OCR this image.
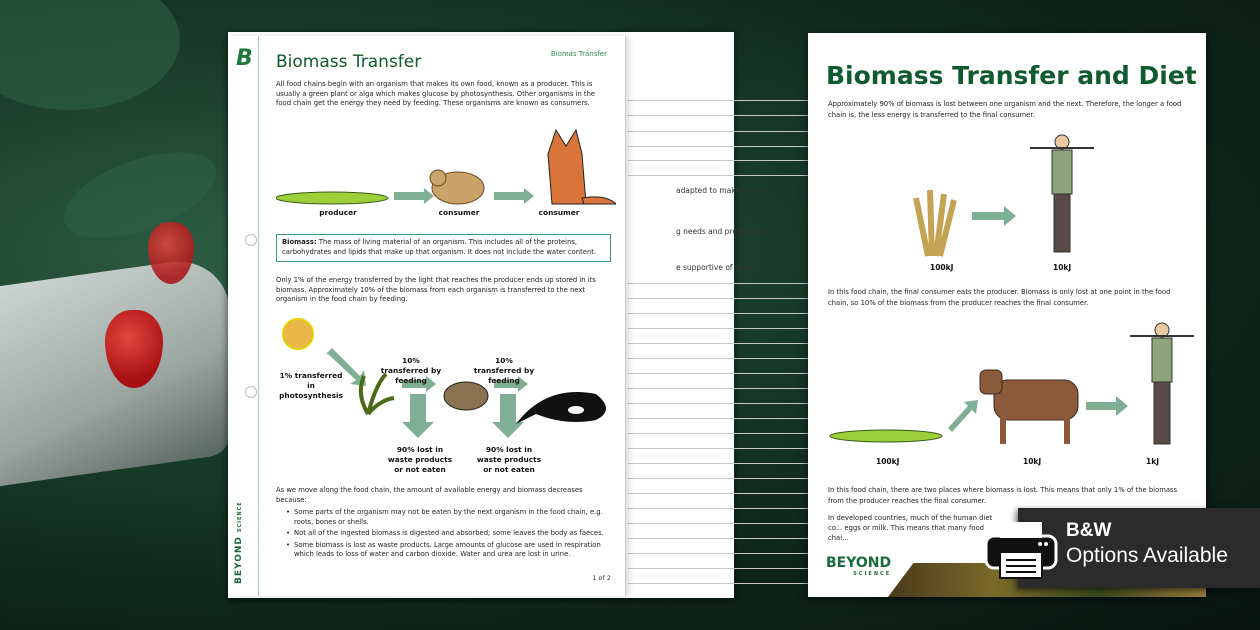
adapted to make it more
g needs and preferences;
e supportive of them.
B	Biomas Transfer
Biomass Transfer
All food chains begin with an organism that makes its own food, known as a producer. This is usually a green plant or alga which makes glucose by photosynthesis. Other organisms in the food chain get the energy they need by feeding. These organisms are known as consumers.
producer	consumer	consumer
Biomass: The mass of living material of an organism. This includes all of the proteins, carbohydrates and lipids that make up that organism. It does not include the water content.
Only 1% of the energy transferred by the light that reaches the producer ends up stored in its biomass. Approximately 10% of the biomass from each organism is transferred to the next organism in the food chain by feeding.
1% transferred in photosynthesis
10% transferred by feeding
10% transferred by feeding
90% lost in waste products or not eaten
90% lost in waste products or not eaten
As we move along the food chain, the amount of available energy and biomass decreases because:
• Some parts of the organism may not be eaten by the next organism in the food chain, e.g. roots, bones or shells.
• Not all of the ingested biomass is digested and absorbed; some leaves the body as faeces.
• Some biomass is lost as waste products. Large amounts of glucose are used in respiration which leads to loss of water and carbon dioxide. Water and urea are lost in urine.
BEYONDSCIENCE
1 of 2
Biomass Transfer and Diet
Approximately 90% of biomass is lost between one organism and the next. Therefore, the longer a food chain is, the less energy is transferred to the final consumer.
100kJ	10kJ
In this food chain, the final consumer eats the producer. Biomass is only lost at one point in the food chain, so 10% of the biomass from the producer reaches the final consumer.
100kJ	10kJ	1kJ
In this food chain, there are two places where biomass is lost. This means that only 1% of the biomass from the producer reaches the final consumer.
In developed countries, much of the human diet co... eggs or milk. This means that many food chai...
BEYOND
SCIENCE
B&W
Options Available
